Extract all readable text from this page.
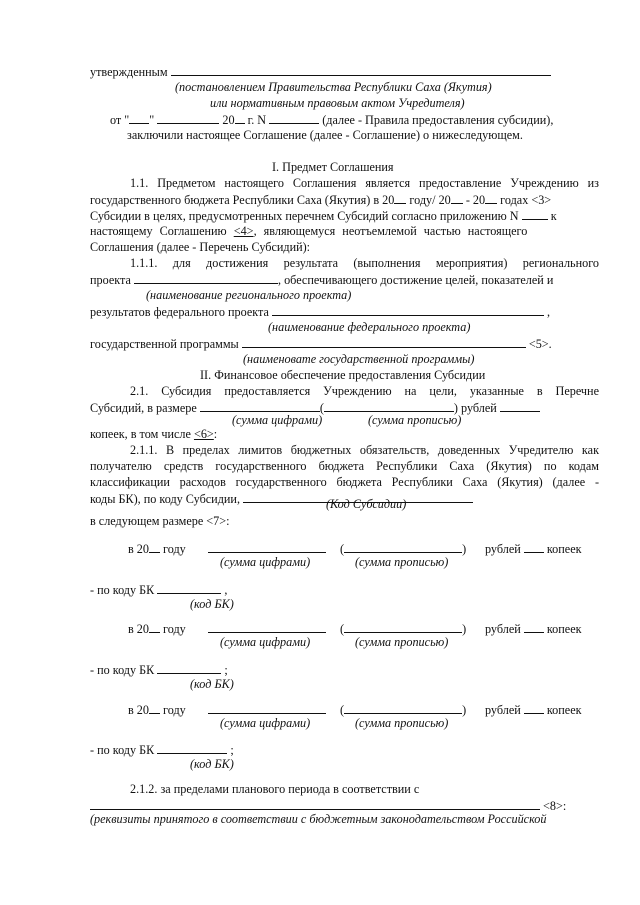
утвержденным
(постановлением Правительства Республики Саха (Якутия)
или нормативным правовым актом Учредителя)
от " "	20 г. N	(далее - Правила предоставления субсидии),
заключили настоящее Соглашение (далее - Соглашение) о нижеследующем.
I. Предмет Соглашения
1.1. Предметом настоящего Соглашения является предоставление Учреждению из
государственного бюджета Республики Саха (Якутия) в 20 году/ 20 - 20 годах <3>
Субсидии в целях, предусмотренных перечнем Субсидий согласно приложению N	к
настоящему Соглашению <4>, являющемуся неотъемлемой частью настоящего
Соглашения (далее - Перечень Субсидий):
1.1.1. для достижения результата (выполнения мероприятия) регионального
проекта	, обеспечивающего достижение целей, показателей и
(наименование регионального проекта)
результатов федерального проекта	,
(наименование федерального проекта)
государственной программы	<5>.
(наименовате государственной программы)
II. Финансовое обеспечение предоставления Субсидии
2.1. Субсидия предоставляется Учреждению на цели, указанные в Перечне
Субсидий, в размере	(	) рублей
(сумма цифрами)	(сумма прописью)
копеек, в том числе <6>:
2.1.1. В пределах лимитов бюджетных обязательств, доведенных Учредителю как
получателю средств государственного бюджета Республики Саха (Якутия) по кодам
классификации расходов государственного бюджета Республики Саха (Якутия) (далее -
коды БК), по коду Субсидии,	(Код Субсидии)
в следующем размере <7>:
в 20 году	(	) рублей копеек
(сумма цифрами)	(сумма прописью)
- по коду БК	,
(код БК)
в 20 году	(	) рублей копеек
(сумма цифрами)	(сумма прописью)
- по коду БК	;
(код БК)
в 20 году	(	) рублей копеек
(сумма цифрами)	(сумма прописью)
- по коду БК	;
(код БК)
2.1.2. за пределами планового периода в соответствии с
<8>:
(реквизиты принятого в соответствии с бюджетным законодательством Российской
